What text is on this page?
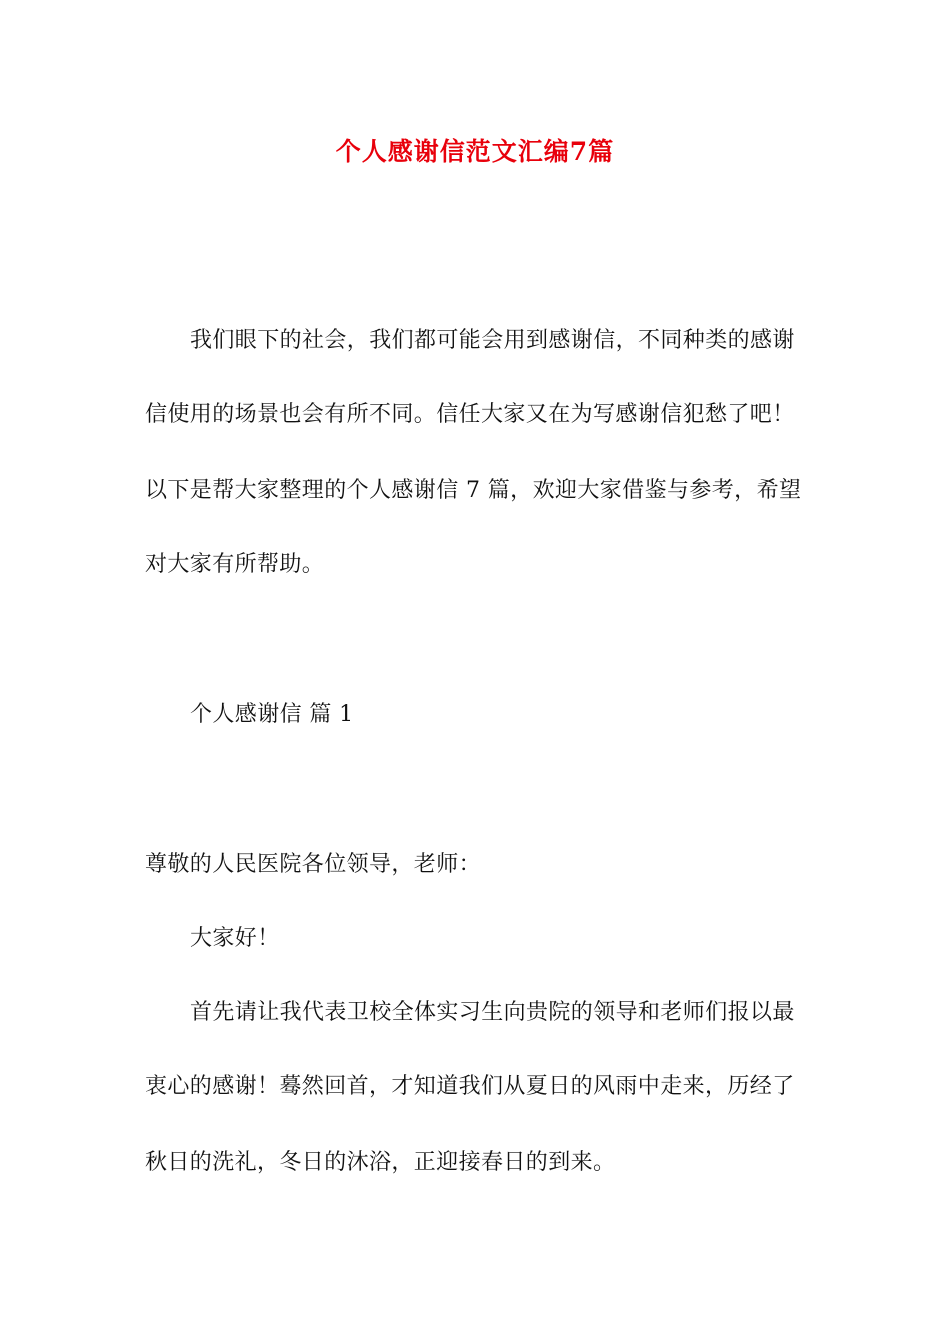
个人感谢信范文汇编7篇
我们眼下的社会，我们都可能会用到感谢信，不同种类的感谢
信使用的场景也会有所不同。信任大家又在为写感谢信犯愁了吧！
以下是帮大家整理的个人感谢信 7 篇，欢迎大家借鉴与参考，希望
对大家有所帮助。
个人感谢信 篇 1
尊敬的人民医院各位领导，老师：
大家好！
首先请让我代表卫校全体实习生向贵院的领导和老师们报以最
衷心的感谢！蓦然回首，才知道我们从夏日的风雨中走来，历经了
秋日的洗礼，冬日的沐浴，正迎接春日的到来。
